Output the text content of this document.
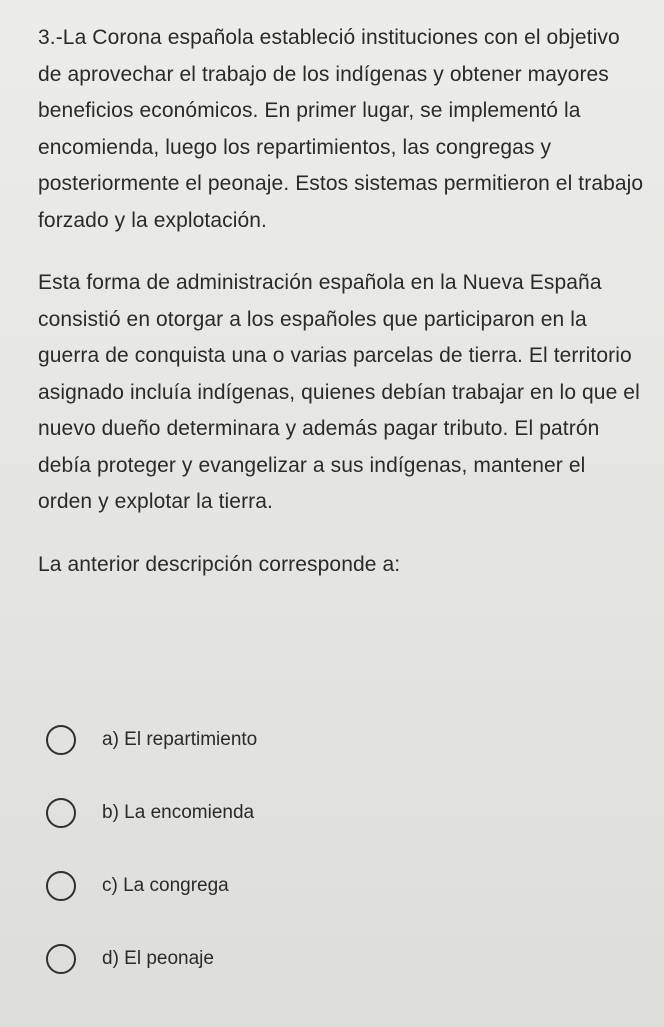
3.-La Corona española estableció instituciones con el objetivo de aprovechar el trabajo de los indígenas y obtener mayores beneficios económicos. En primer lugar, se implementó la encomienda, luego los repartimientos, las congregas y posteriormente el peonaje. Estos sistemas permitieron el trabajo forzado y la explotación.

Esta forma de administración española en la Nueva España consistió en otorgar a los españoles que participaron en la guerra de conquista una o varias parcelas de tierra. El territorio asignado incluía indígenas, quienes debían trabajar en lo que el nuevo dueño determinara y además pagar tributo. El patrón debía proteger y evangelizar a sus indígenas, mantener el orden y explotar la tierra.

La anterior descripción corresponde a:

a) El repartimiento
b) La encomienda
c) La congrega
d) El peonaje
